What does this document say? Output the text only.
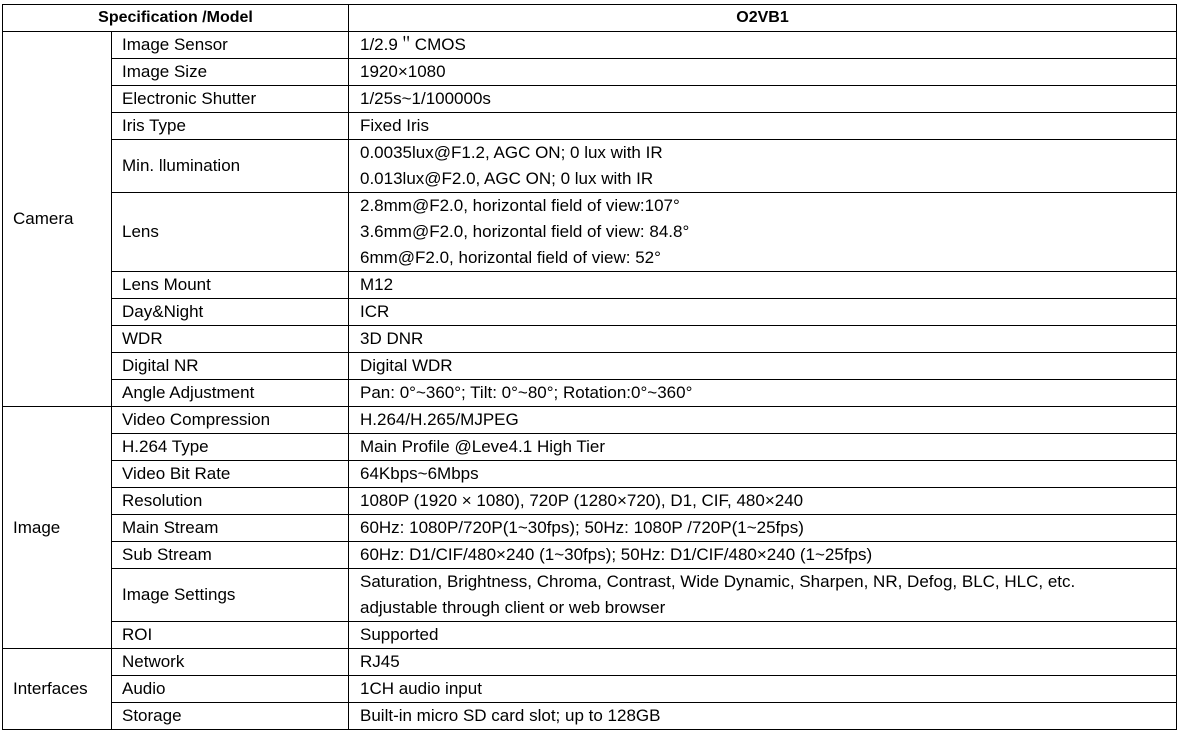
Specification /Model		O2VB1
Camera	Image Sensor	1/2.9＂CMOS

	Image Size	1920×1080

	Electronic Shutter	1/25s~1/100000s

	Iris Type	Fixed Iris

	Min. llumination	0.0035lux@F1.2, AGC ON; 0 lux with IR
0.013lux@F2.0, AGC ON; 0 lux with IR

	Lens	2.8mm@F2.0, horizontal field of view:107°
3.6mm@F2.0, horizontal field of view: 84.8°
6mm@F2.0, horizontal field of view: 52°

	Lens Mount	M12

	Day&Night	ICR

	WDR	3D DNR

	Digital NR	Digital WDR

	Angle Adjustment	Pan: 0°~360°; Tilt: 0°~80°; Rotation:0°~360°

Image	Video Compression	H.264/H.265/MJPEG

	H.264 Type	Main Profile @Leve4.1 High Tier

	Video Bit Rate	64Kbps~6Mbps

	Resolution	1080P (1920 × 1080), 720P (1280×720), D1, CIF, 480×240

	Main Stream	60Hz: 1080P/720P(1~30fps); 50Hz: 1080P /720P(1~25fps)

	Sub Stream	60Hz: D1/CIF/480×240 (1~30fps); 50Hz: D1/CIF/480×240 (1~25fps)

	Image Settings	Saturation, Brightness, Chroma, Contrast, Wide Dynamic, Sharpen, NR, Defog, BLC, HLC, etc.
adjustable through client or web browser

	ROI	Supported

Interfaces	Network	RJ45

	Audio	1CH audio input

	Storage	Built-in micro SD card slot; up to 128GB
